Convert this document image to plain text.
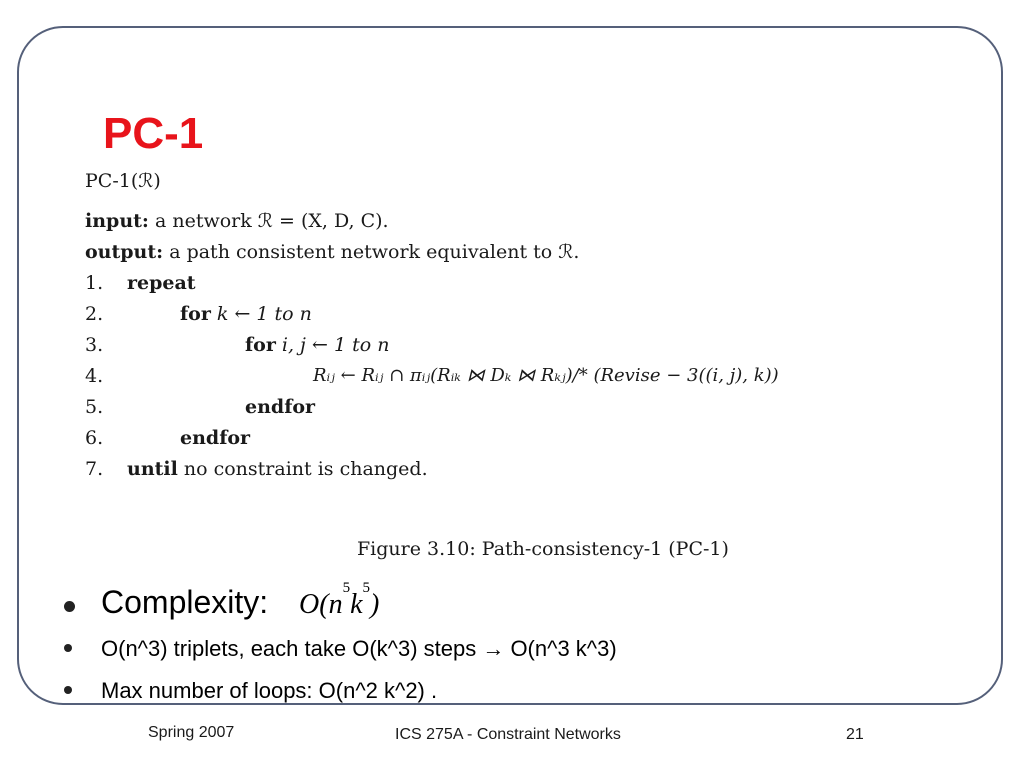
PC-1
PC-1(ℛ)
input: a network ℛ = (X, D, C).
output: a path consistent network equivalent to ℛ.
1. repeat
2.	for k ← 1 to n
3.	for i, j ← 1 to n
4.	Rᵢⱼ ← Rᵢⱼ ∩ πᵢⱼ(Rᵢₖ ⋈ Dₖ ⋈ Rₖⱼ)/* (Revise − 3((i, j), k))
5.	endfor
6.	endfor
7. until no constraint is changed.
Figure 3.10: Path-consistency-1 (PC-1)
Complexity: $O(n^5k^5)$
O(n^3) triplets, each take O(k^3) steps → O(n^3 k^3)
Max number of loops: O(n^2 k^2) .
Spring 2007	ICS 275A - Constraint Networks	21
